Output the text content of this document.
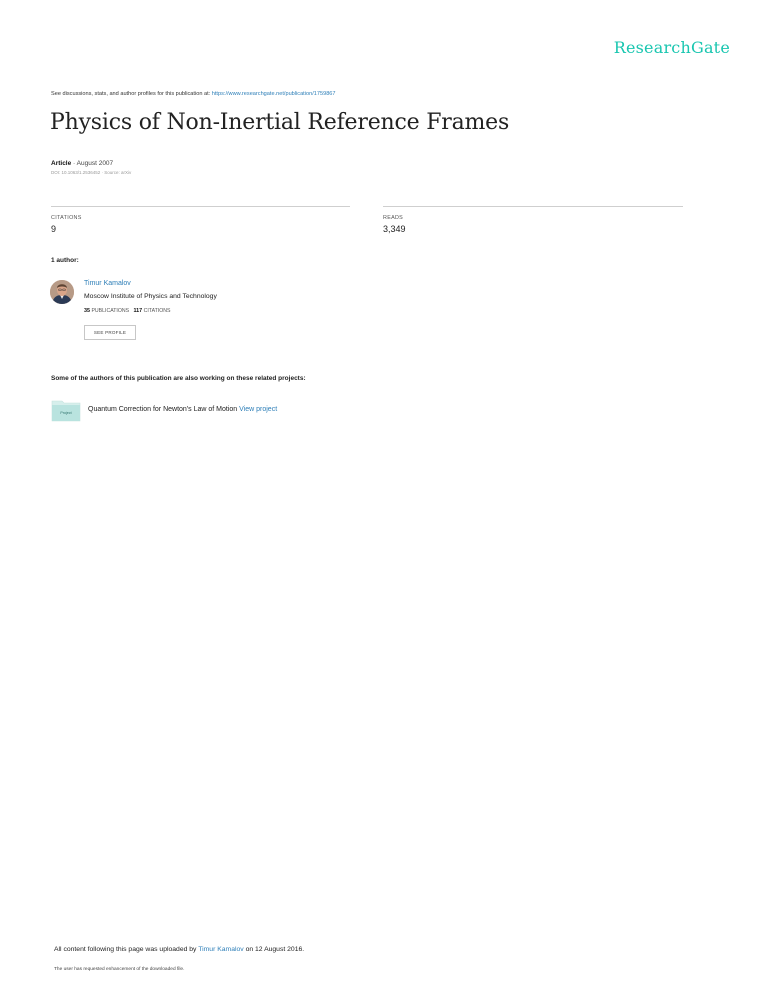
ResearchGate
See discussions, stats, and author profiles for this publication at: https://www.researchgate.net/publication/1759867
Physics of Non-Inertial Reference Frames
Article · August 2007
DOI: 10.1063/1.2536452 · Source: arXiv
CITATIONS
9
READS
3,349
1 author:
Timur Kamalov
Moscow Institute of Physics and Technology
35 PUBLICATIONS 117 CITATIONS
SEE PROFILE
Some of the authors of this publication are also working on these related projects:
Project	Quantum Correction for Newton's Law of Motion View project
All content following this page was uploaded by Timur Kamalov on 12 August 2016.
The user has requested enhancement of the downloaded file.
